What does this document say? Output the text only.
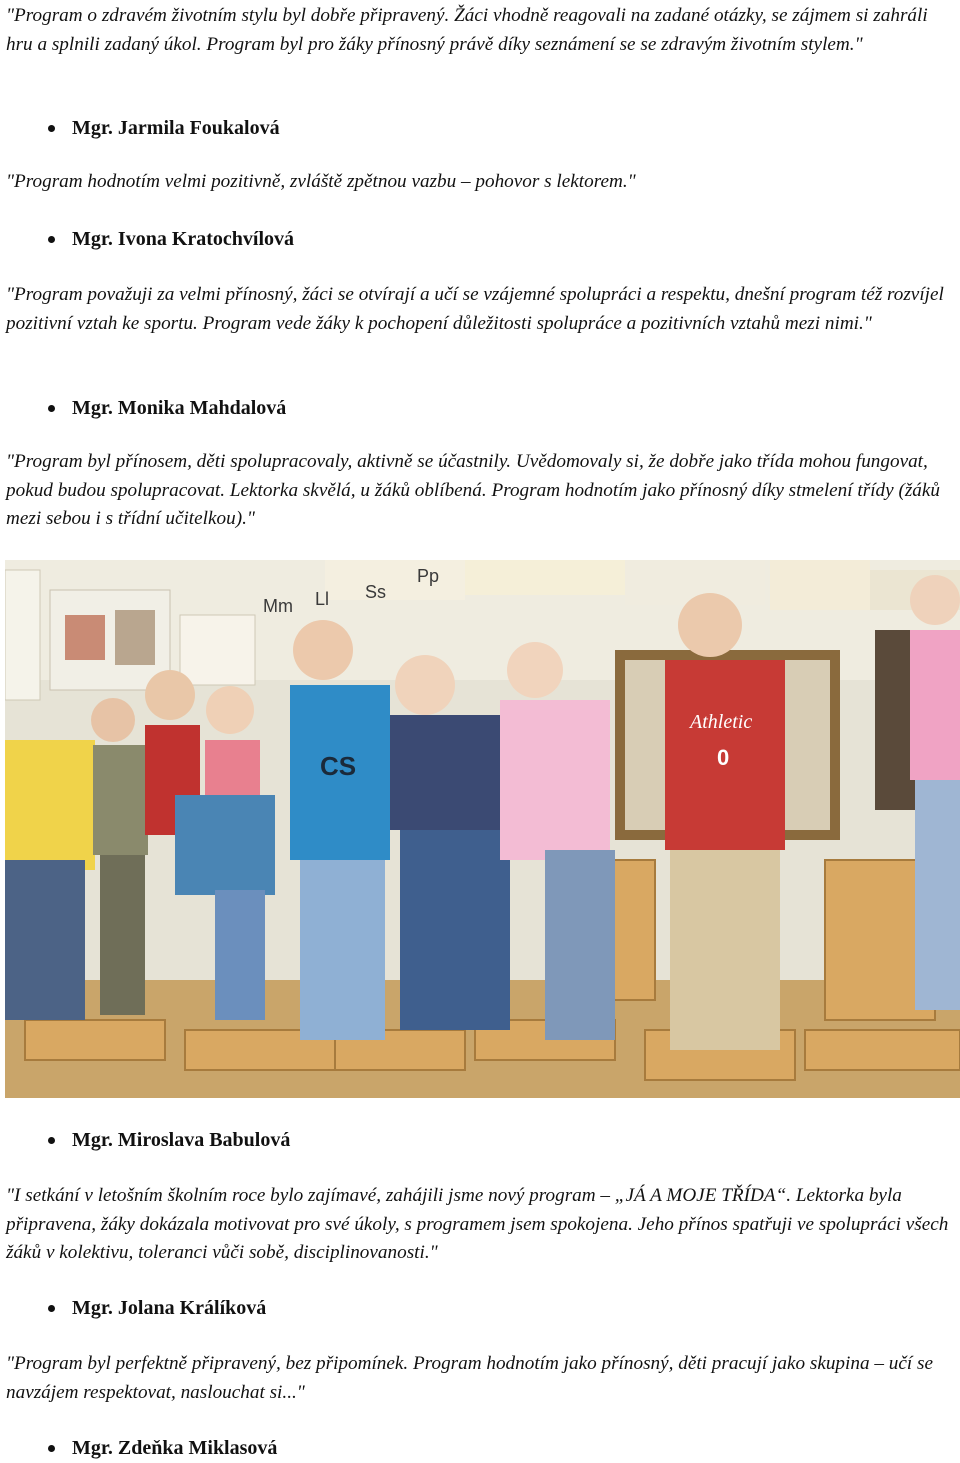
"Program o zdravém životním stylu byl dobře připravený. Žáci vhodně reagovali na zadané otázky, se zájmem si zahráli hru a splnili zadaný úkol. Program byl pro žáky přínosný právě díky seznámení se se zdravým životním stylem."

Mgr. Jarmila Foukalová

"Program hodnotím velmi pozitivně, zvláště zpětnou vazbu – pohovor s lektorem."

Mgr. Ivona Kratochvílová

"Program považuji za velmi přínosný, žáci se otvírají a učí se vzájemné spolupráci a respektu, dnešní program též rozvíjel pozitivní vztah ke sportu. Program vede žáky k pochopení důležitosti spolupráce a pozitivních vztahů mezi nimi."

Mgr. Monika Mahdalová

"Program byl přínosem, děti spolupracovaly, aktivně se účastnily. Uvědomovaly si, že dobře jako třída mohou fungovat, pokud budou spolupracovat. Lektorka skvělá, u žáků oblíbená. Program hodnotím jako přínosný díky stmelení třídy (žáků mezi sebou i s třídní učitelkou)."

Mm Ll Ss
Pp
CS
Athletic
0
Mgr. Miroslava Babulová

"I setkání v letošním školním roce bylo zajímavé, zahájili jsme nový program – „JÁ A MOJE TŘÍDA“. Lektorka byla připravena, žáky dokázala motivovat pro své úkoly, s programem jsem spokojena. Jeho přínos spatřuji ve spolupráci všech žáků v kolektivu, toleranci vůči sobě, disciplinovanosti."

Mgr. Jolana Králíková

"Program byl perfektně připravený, bez připomínek. Program hodnotím jako přínosný, děti pracují jako skupina – učí se navzájem respektovat, naslouchat si..."

Mgr. Zdeňka Miklasová
